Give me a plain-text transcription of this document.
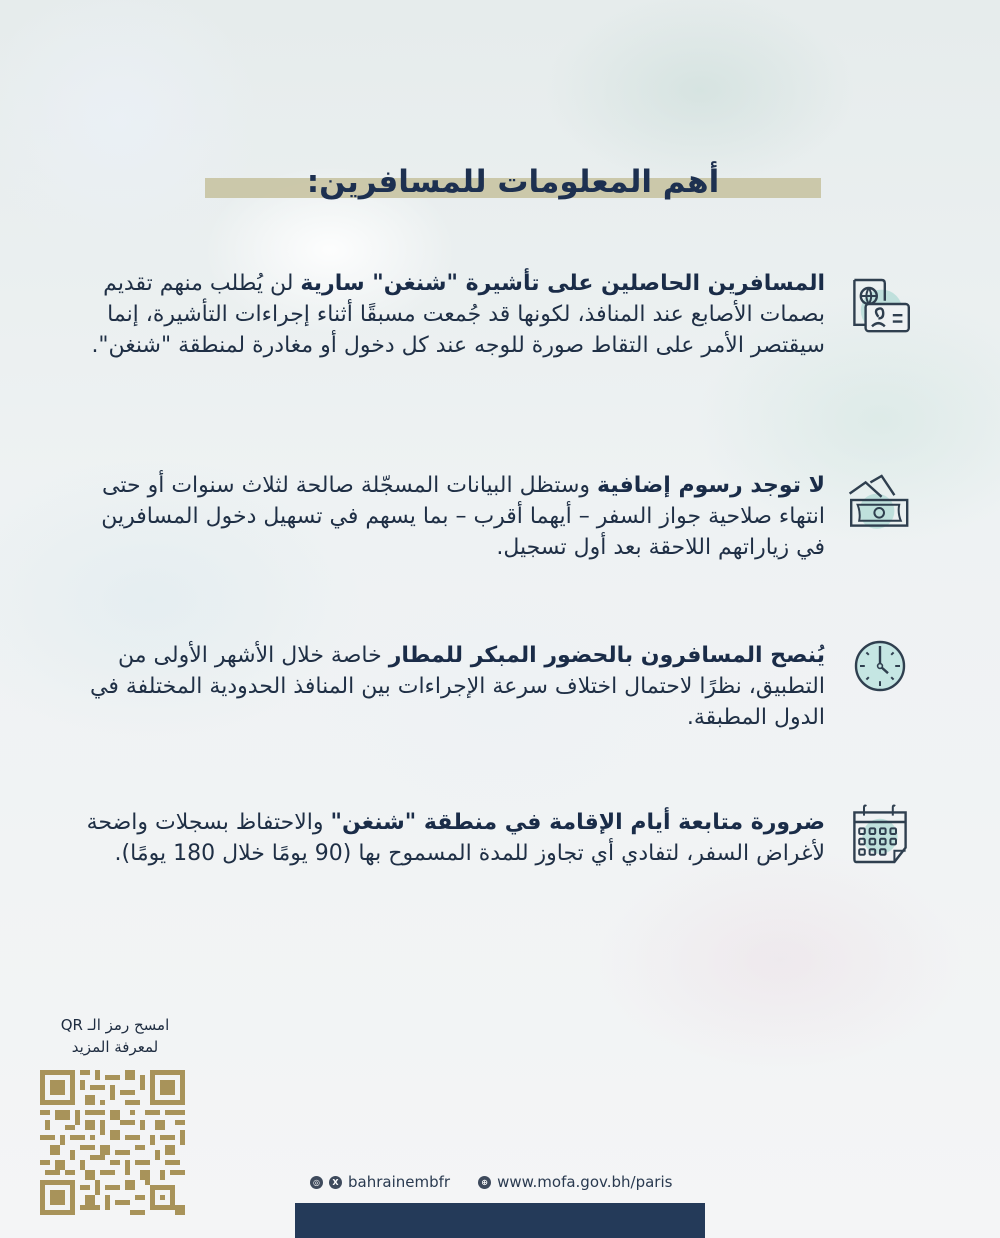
أهم المعلومات للمسافرين:
المسافرين الحاصلين على تأشيرة "شنغن" سارية لن يُطلب منهم تقديم بصمات الأصابع عند المنافذ، لكونها قد جُمعت مسبقًا أثناء إجراءات التأشيرة، إنما سيقتصر الأمر على التقاط صورة للوجه عند كل دخول أو مغادرة لمنطقة "شنغن".
لا توجد رسوم إضافية وستظل البيانات المسجّلة صالحة لثلاث سنوات أو حتى انتهاء صلاحية جواز السفر – أيهما أقرب – بما يسهم في تسهيل دخول المسافرين في زياراتهم اللاحقة بعد أول تسجيل.
يُنصح المسافرون بالحضور المبكر للمطار خاصة خلال الأشهر الأولى من التطبيق، نظرًا لاحتمال اختلاف سرعة الإجراءات بين المنافذ الحدودية المختلفة في الدول المطبقة.
ضرورة متابعة أيام الإقامة في منطقة "شنغن" والاحتفاظ بسجلات واضحة لأغراض السفر، لتفادي أي تجاوز للمدة المسموح بها (90 يومًا خلال 180 يومًا).
امسح رمز الـ QR
لمعرفة المزيد
◎	X bahrainembfr	⊕ www.mofa.gov.bh/paris
